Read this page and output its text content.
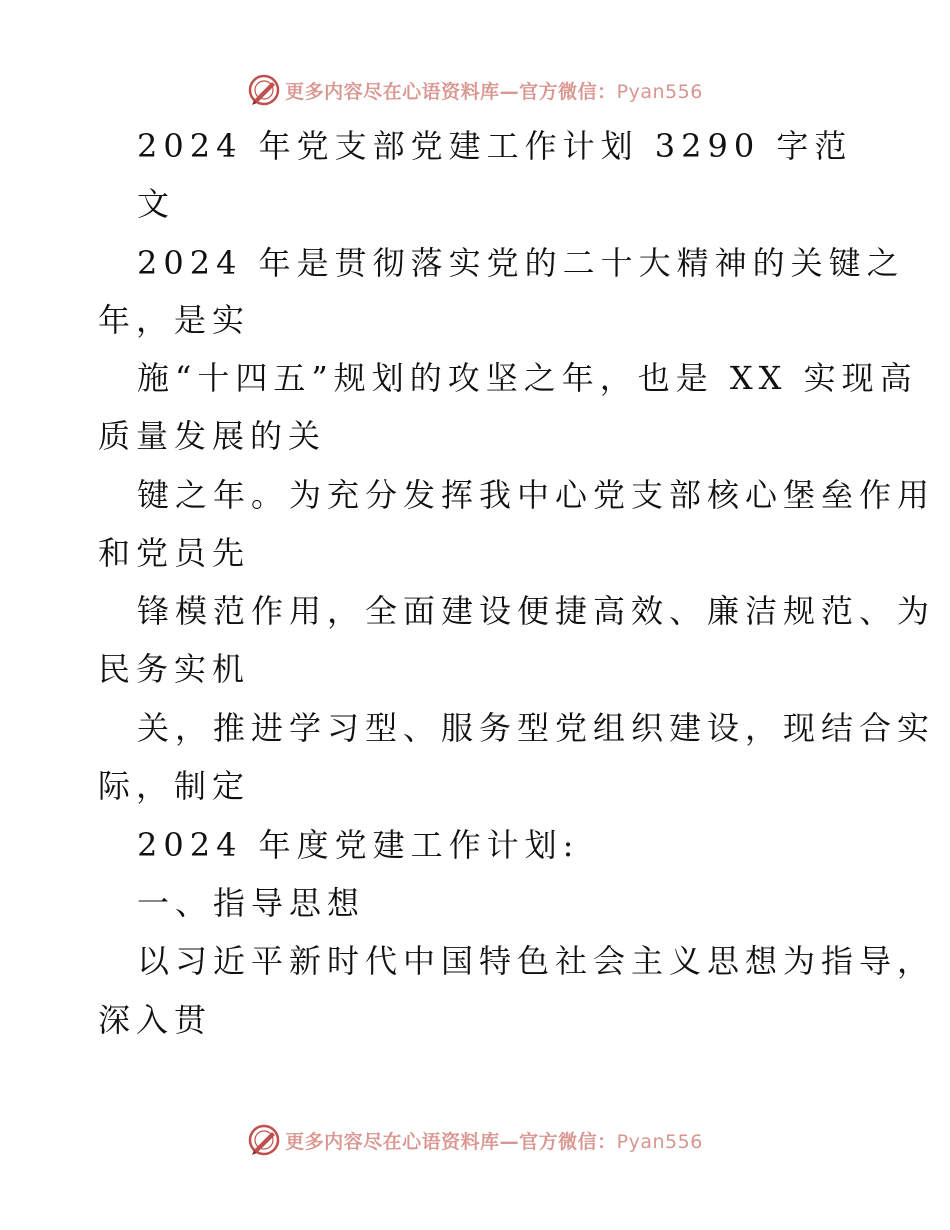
更多内容尽在心语资料库—官方微信：Pyan556
2024 年党支部党建工作计划 3290 字范
文
2024 年是贯彻落实党的二十大精神的关键之
年，是实
施“十四五”规划的攻坚之年，也是 XX 实现高
质量发展的关
键之年。为充分发挥我中心党支部核心堡垒作用
和党员先
锋模范作用，全面建设便捷高效、廉洁规范、为
民务实机
关，推进学习型、服务型党组织建设，现结合实
际，制定
2024 年度党建工作计划:
一、指导思想
以习近平新时代中国特色社会主义思想为指导，
深入贯
更多内容尽在心语资料库—官方微信：Pyan556
